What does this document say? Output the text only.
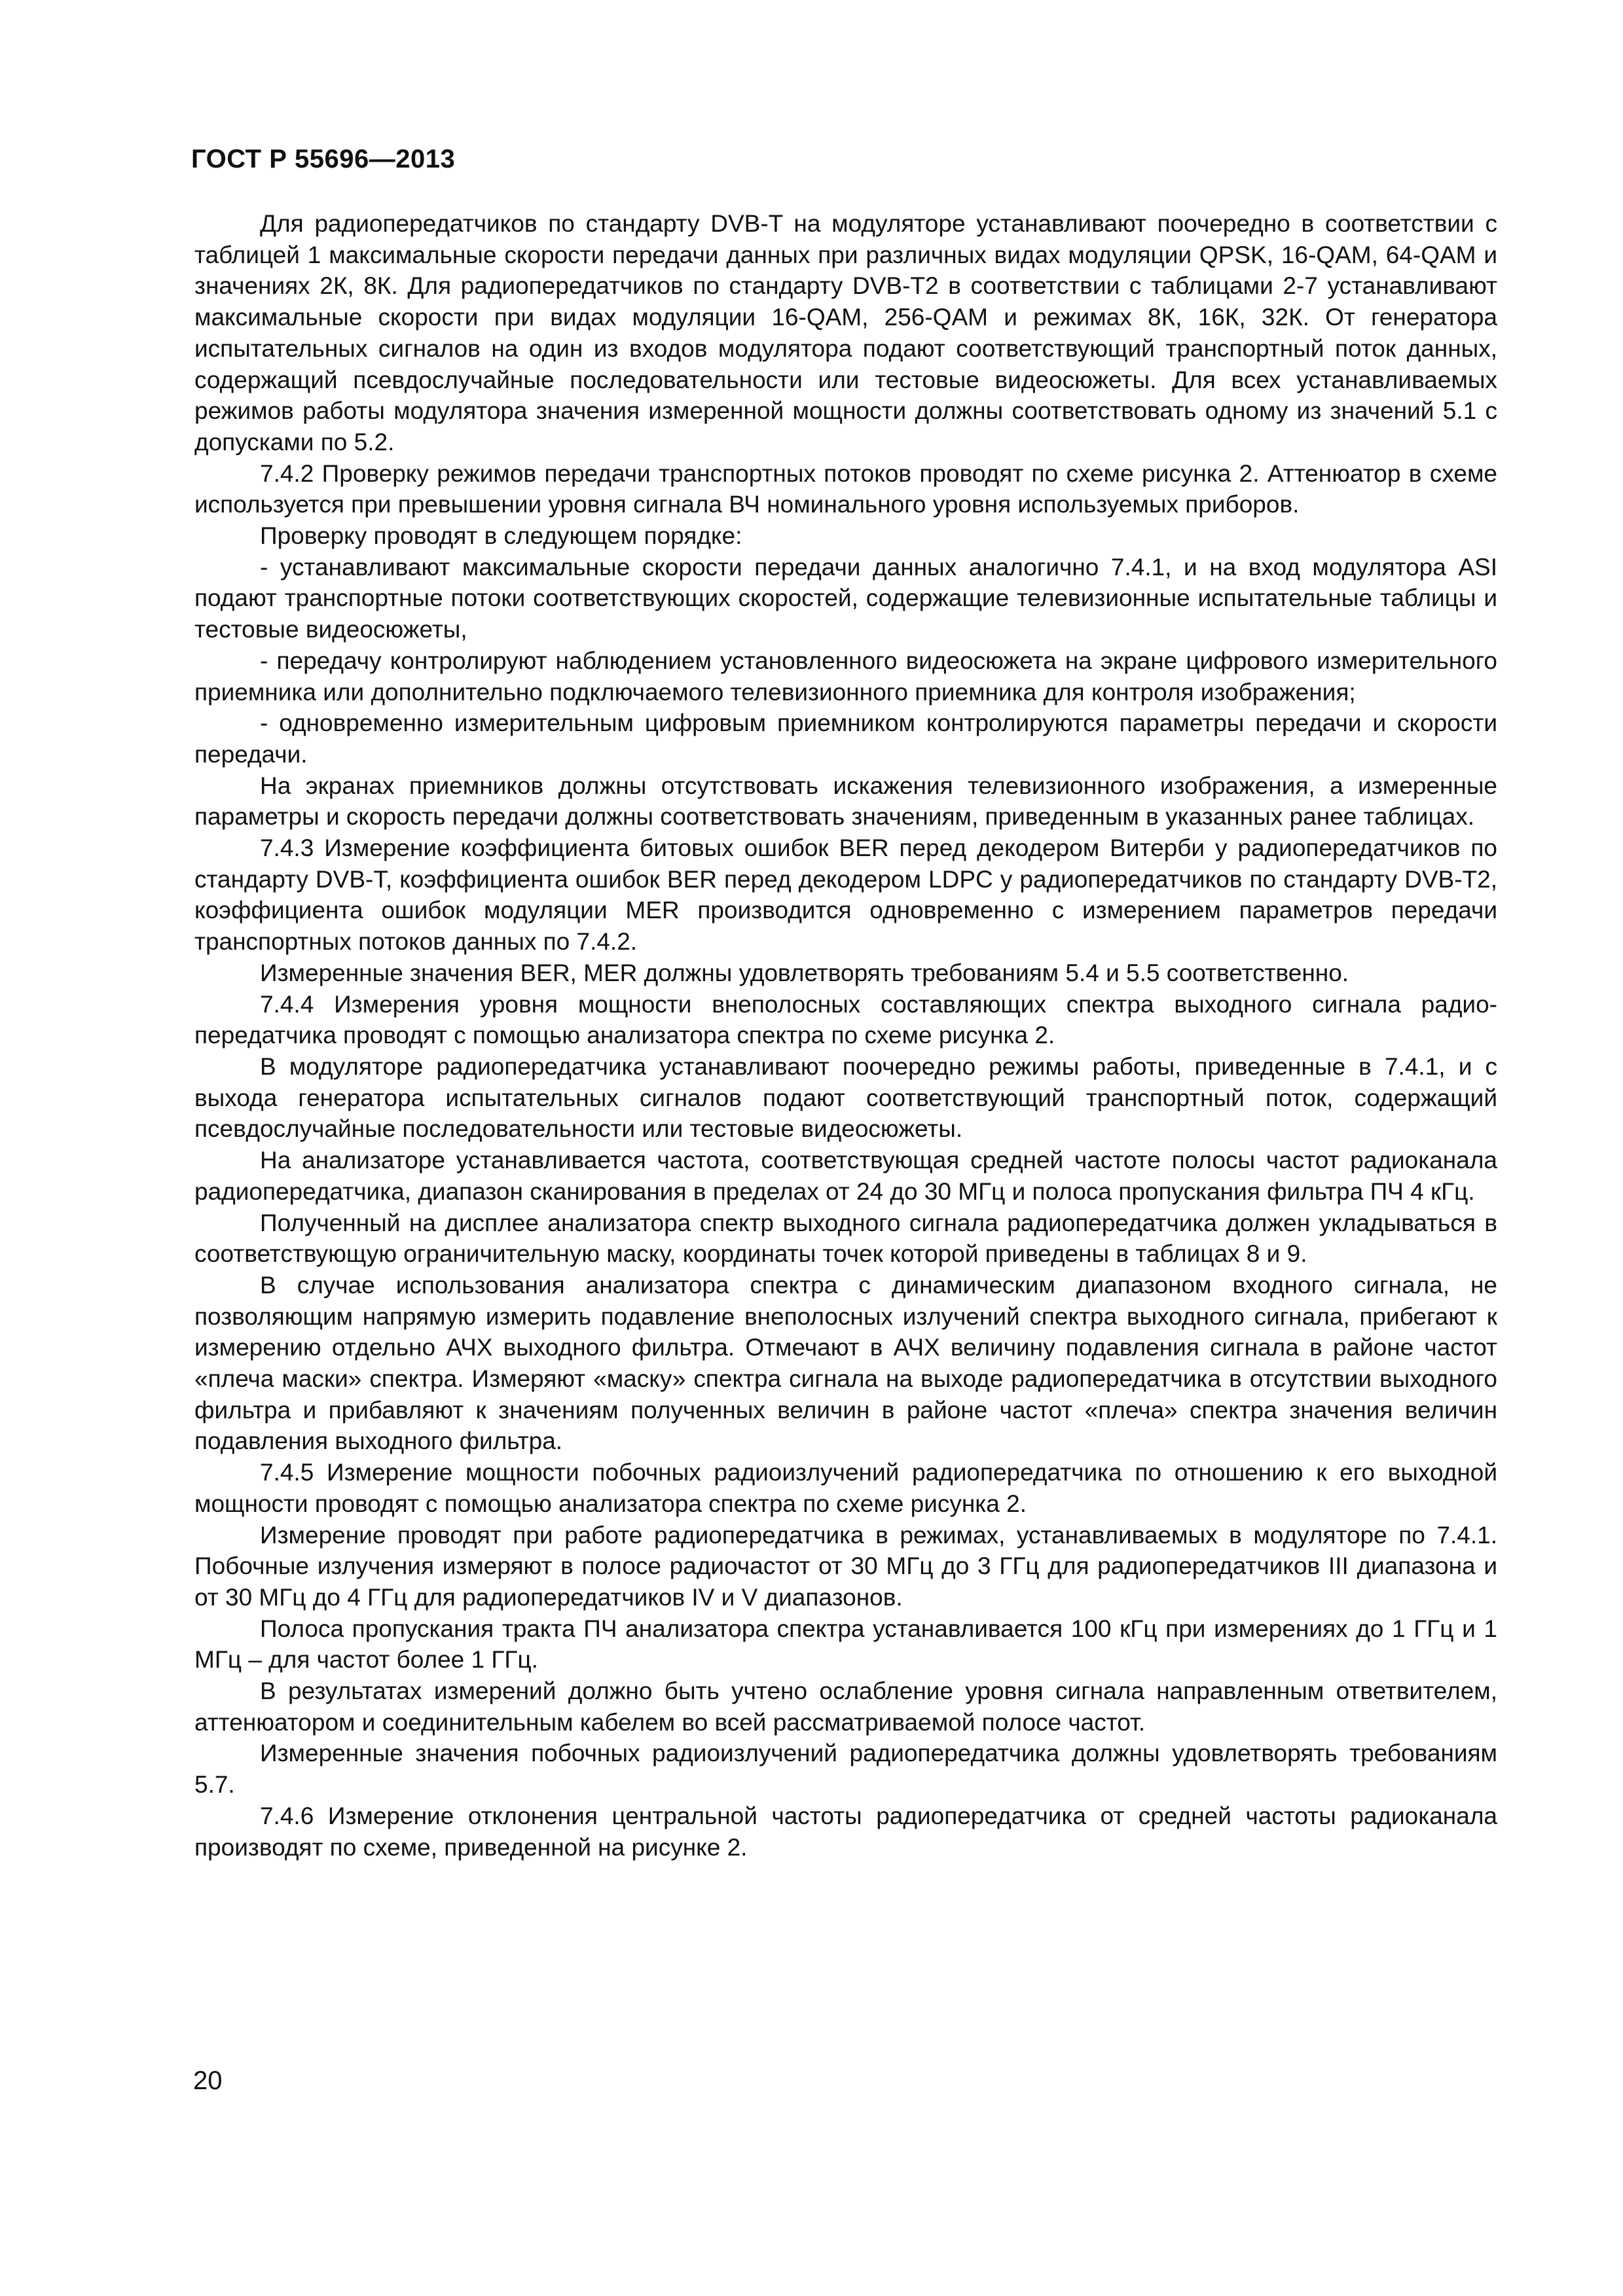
ГОСТ Р 55696—2013

Для радиопередатчиков по стандарту DVB-T на модуляторе устанавливают поочередно в соответствии с таблицей 1 максимальные скорости передачи данных при различных видах модуляции QPSK, 16-QAM, 64-QAM и значениях 2К, 8К. Для радиопередатчиков по стандарту DVB-T2 в соответствии с таблицами 2-7 устанавливают максимальные скорости при видах модуляции 16-QAM, 256-QAM и режимах 8К, 16К, 32К. От генератора испытательных сигналов на один из входов модулятора подают соответствующий транспортный поток данных, содержащий псевдослучайные последовательности или тестовые видеосюжеты. Для всех устанавливаемых режимов работы модулятора значения измеренной мощности должны соответствовать одному из значений 5.1 с допусками по 5.2.

7.4.2 Проверку режимов передачи транспортных потоков проводят по схеме рисунка 2. Аттенюатор в схеме используется при превышении уровня сигнала ВЧ номинального уровня используемых приборов.

Проверку проводят в следующем порядке:

- устанавливают максимальные скорости передачи данных аналогично 7.4.1, и на вход модулятора ASI подают транспортные потоки соответствующих скоростей, содержащие телевизионные испытательные таблицы и тестовые видеосюжеты,

- передачу контролируют наблюдением установленного видеосюжета на экране цифрового измерительного приемника или дополнительно подключаемого телевизионного приемника для контроля изображения;

- одновременно измерительным цифровым приемником контролируются параметры передачи и скорости передачи.

На экранах приемников должны отсутствовать искажения телевизионного изображения, а измеренные параметры и скорость передачи должны соответствовать значениям, приведенным в указанных ранее таблицах.

7.4.3 Измерение коэффициента битовых ошибок BER перед декодером Витерби у радиопередатчиков по стандарту DVB-T, коэффициента ошибок BER перед декодером LDPC у радиопередатчиков по стандарту DVB-T2, коэффициента ошибок модуляции MER производится одновременно с измерением параметров передачи транспортных потоков данных по 7.4.2.

Измеренные значения BER, MER должны удовлетворять требованиям 5.4 и 5.5 соответственно.

7.4.4 Измерения уровня мощности внеполосных составляющих спектра выходного сигнала радиопередатчика проводят с помощью анализатора спектра по схеме рисунка 2.

В модуляторе радиопередатчика устанавливают поочередно режимы работы, приведенные в 7.4.1, и с выхода генератора испытательных сигналов подают соответствующий транспортный поток, содержащий псевдослучайные последовательности или тестовые видеосюжеты.

На анализаторе устанавливается частота, соответствующая средней частоте полосы частот радиоканала радиопередатчика, диапазон сканирования в пределах от 24 до 30 МГц и полоса пропускания фильтра ПЧ 4 кГц.

Полученный на дисплее анализатора спектр выходного сигнала радиопередатчика должен укладываться в соответствующую ограничительную маску, координаты точек которой приведены в таблицах 8 и 9.

В случае использования анализатора спектра с динамическим диапазоном входного сигнала, не позволяющим напрямую измерить подавление внеполосных излучений спектра выходного сигнала, прибегают к измерению отдельно АЧХ выходного фильтра. Отмечают в АЧХ величину подавления сигнала в районе частот «плеча маски» спектра. Измеряют «маску» спектра сигнала на выходе радиопередатчика в отсутствии выходного фильтра и прибавляют к значениям полученных величин в районе частот «плеча» спектра значения величин подавления выходного фильтра.

7.4.5 Измерение мощности побочных радиоизлучений радиопередатчика по отношению к его выходной мощности проводят с помощью анализатора спектра по схеме рисунка 2.

Измерение проводят при работе радиопередатчика в режимах, устанавливаемых в модуляторе по 7.4.1. Побочные излучения измеряют в полосе радиочастот от 30 МГц до 3 ГГц для радиопередатчиков III диапазона и от 30 МГц до 4 ГГц для радиопередатчиков IV и V диапазонов.

Полоса пропускания тракта ПЧ анализатора спектра устанавливается 100 кГц при измерениях до 1 ГГц и 1 МГц – для частот более 1 ГГц.

В результатах измерений должно быть учтено ослабление уровня сигнала направленным ответвителем, аттенюатором и соединительным кабелем во всей рассматриваемой полосе частот.

Измеренные значения побочных радиоизлучений радиопередатчика должны удовлетворять требованиям 5.7.

7.4.6 Измерение отклонения центральной частоты радиопередатчика от средней частоты радиоканала производят по схеме, приведенной на рисунке 2.

20
